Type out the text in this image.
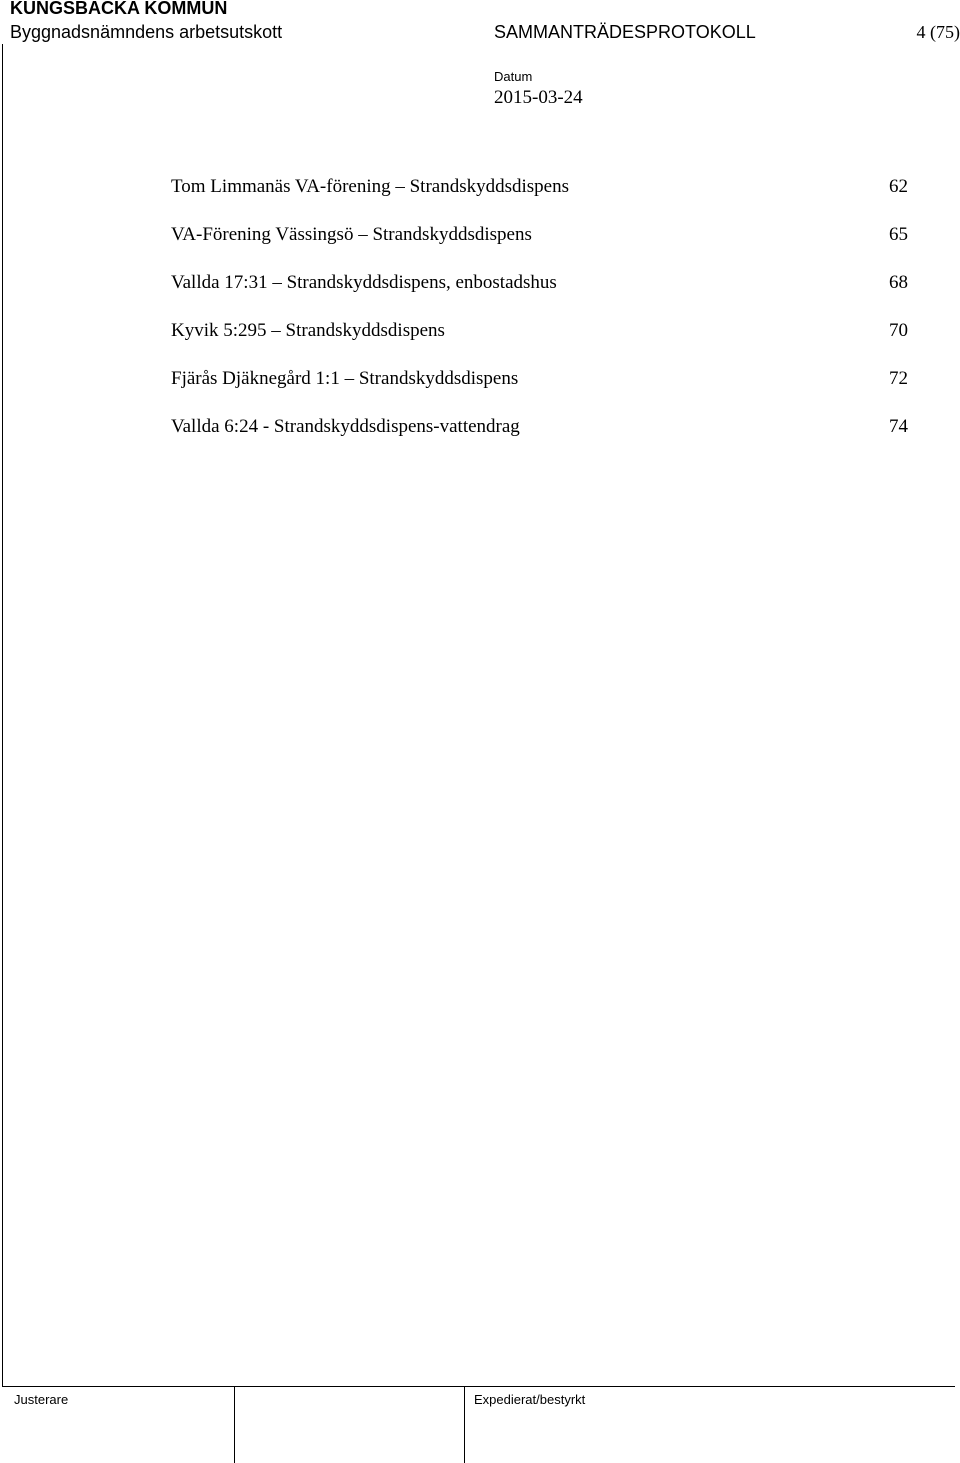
KUNGSBACKA KOMMUN
Byggnadsnämndens arbetsutskott	SAMMANTRÄDESPROTOKOLL	4 (75)
Datum
2015-03-24
Tom Limmanäs VA-förening – Strandskyddsdispens	62
VA-Förening Vässingsö – Strandskyddsdispens	65
Vallda 17:31 – Strandskyddsdispens, enbostadshus	68
Kyvik 5:295 – Strandskyddsdispens	70
Fjärås Djäknegård 1:1 – Strandskyddsdispens	72
Vallda 6:24 - Strandskyddsdispens-vattendrag	74
Justerare	Expedierat/bestyrkt
